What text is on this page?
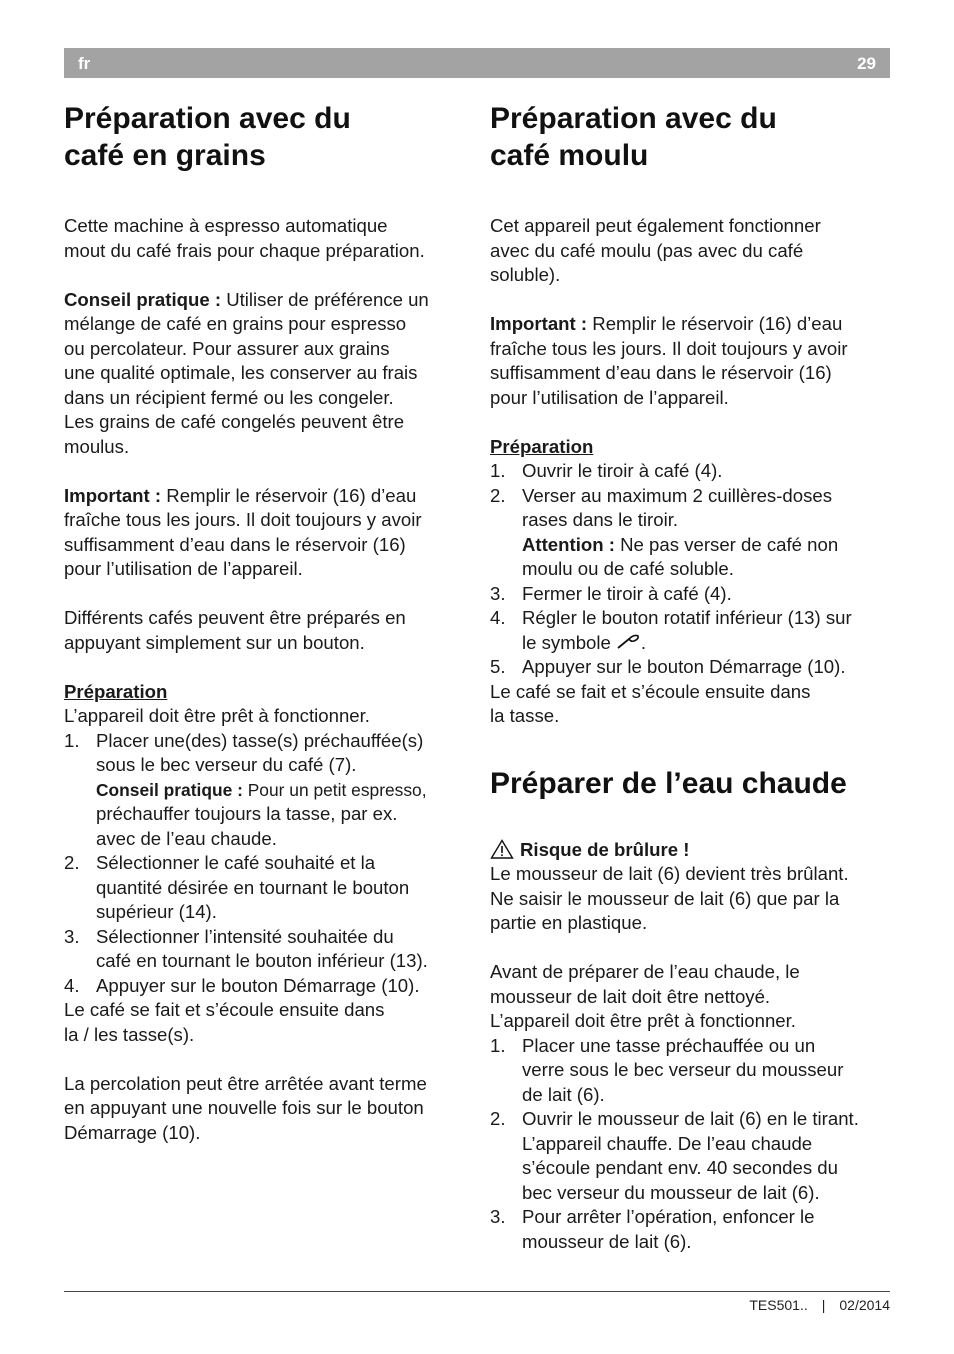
fr	29
Préparation avec du
café en grains

Cette machine à espresso automatique
mout du café frais pour chaque préparation.

Conseil pratique : Utiliser de préférence un
mélange de café en grains pour espresso
ou percolateur. Pour assurer aux grains
une qualité optimale, les conserver au frais
dans un récipient fermé ou les congeler.
Les grains de café congelés peuvent être
moulus.

Important : Remplir le réservoir (16) d’eau
fraîche tous les jours. Il doit toujours y avoir
suffisamment d’eau dans le réservoir (16)
pour l’utilisation de l’appareil.

Différents cafés peuvent être préparés en
appuyant simplement sur un bouton.

Préparation

L’appareil doit être prêt à fonctionner.

1. Placer une(des) tasse(s) préchauffée(s)
sous le bec verseur du café (7).
Conseil pratique : Pour un petit espresso,
préchauffer toujours la tasse, par ex.
avec de l’eau chaude.
2. Sélectionner le café souhaité et la
quantité désirée en tournant le bouton
supérieur (14).
3. Sélectionner l’intensité souhaitée du
café en tournant le bouton inférieur (13).
4. Appuyer sur le bouton Démarrage (10).

Le café se fait et s’écoule ensuite dans
la / les tasse(s).

La percolation peut être arrêtée avant terme
en appuyant une nouvelle fois sur le bouton
Démarrage (10).

Préparation avec du
café moulu

Cet appareil peut également fonctionner
avec du café moulu (pas avec du café
soluble).

Important : Remplir le réservoir (16) d’eau
fraîche tous les jours. Il doit toujours y avoir
suffisamment d’eau dans le réservoir (16)
pour l’utilisation de l’appareil.

Préparation

1. Ouvrir le tiroir à café (4).
2. Verser au maximum 2 cuillères-doses
rases dans le tiroir.
Attention : Ne pas verser de café non
moulu ou de café soluble.
3. Fermer le tiroir à café (4).
4. Régler le bouton rotatif inférieur (13) sur
le symbole .
5. Appuyer sur le bouton Démarrage (10).

Le café se fait et s’écoule ensuite dans
la tasse.

Préparer de l’eau chaude

Risque de brûlure !
Le mousseur de lait (6) devient très brûlant.
Ne saisir le mousseur de lait (6) que par la
partie en plastique.

Avant de préparer de l’eau chaude, le
mousseur de lait doit être nettoyé.
L’appareil doit être prêt à fonctionner.

1. Placer une tasse préchauffée ou un
verre sous le bec verseur du mousseur
de lait (6).
2. Ouvrir le mousseur de lait (6) en le tirant.
L’appareil chauffe. De l’eau chaude
s’écoule pendant env. 40 secondes du
bec verseur du mousseur de lait (6).
3. Pour arrêter l’opération, enfoncer le
mousseur de lait (6).
TES501.. | 02/2014
